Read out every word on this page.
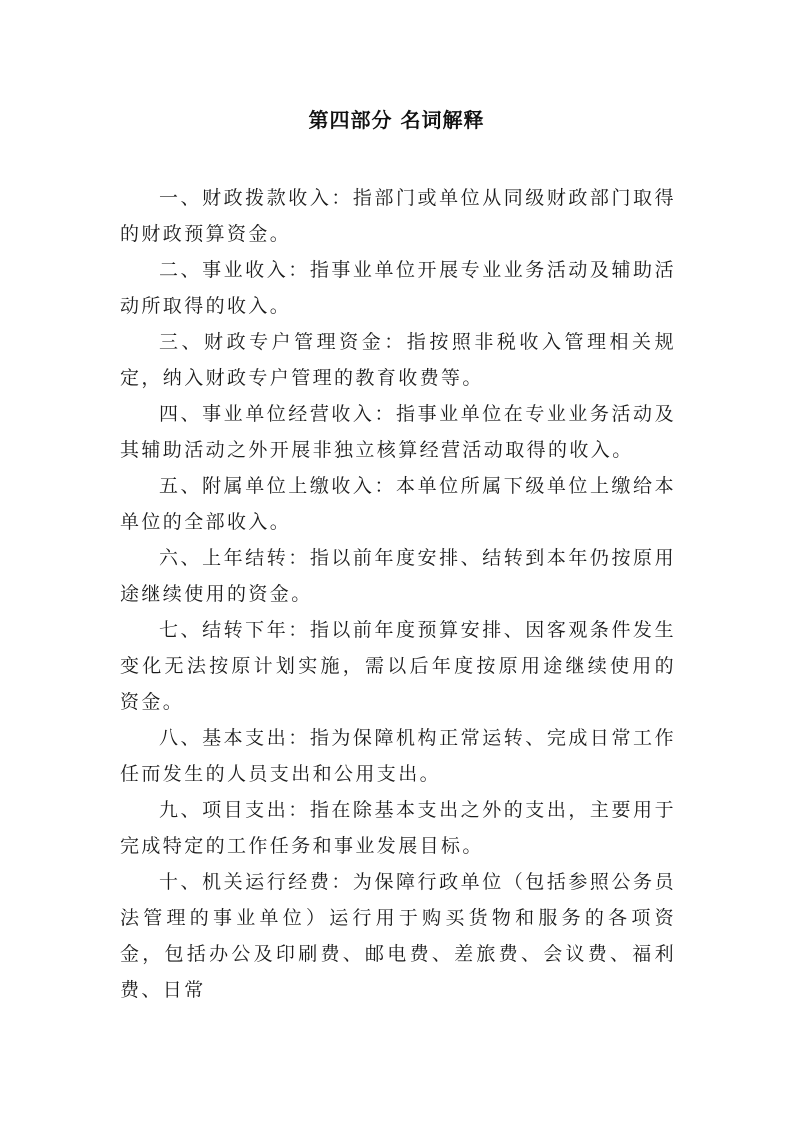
第四部分 名词解释

一、财政拨款收入：指部门或单位从同级财政部门取得的财政预算资金。

二、事业收入：指事业单位开展专业业务活动及辅助活动所取得的收入。

三、财政专户管理资金：指按照非税收入管理相关规定，纳入财政专户管理的教育收费等。

四、事业单位经营收入：指事业单位在专业业务活动及其辅助活动之外开展非独立核算经营活动取得的收入。

五、附属单位上缴收入：本单位所属下级单位上缴给本单位的全部收入。

六、上年结转：指以前年度安排、结转到本年仍按原用途继续使用的资金。

七、结转下年：指以前年度预算安排、因客观条件发生变化无法按原计划实施，需以后年度按原用途继续使用的资金。

八、基本支出：指为保障机构正常运转、完成日常工作任而发生的人员支出和公用支出。

九、项目支出：指在除基本支出之外的支出，主要用于完成特定的工作任务和事业发展目标。

十、机关运行经费：为保障行政单位（包括参照公务员法管理的事业单位）运行用于购买货物和服务的各项资金，包括办公及印刷费、邮电费、差旅费、会议费、福利费、日常
